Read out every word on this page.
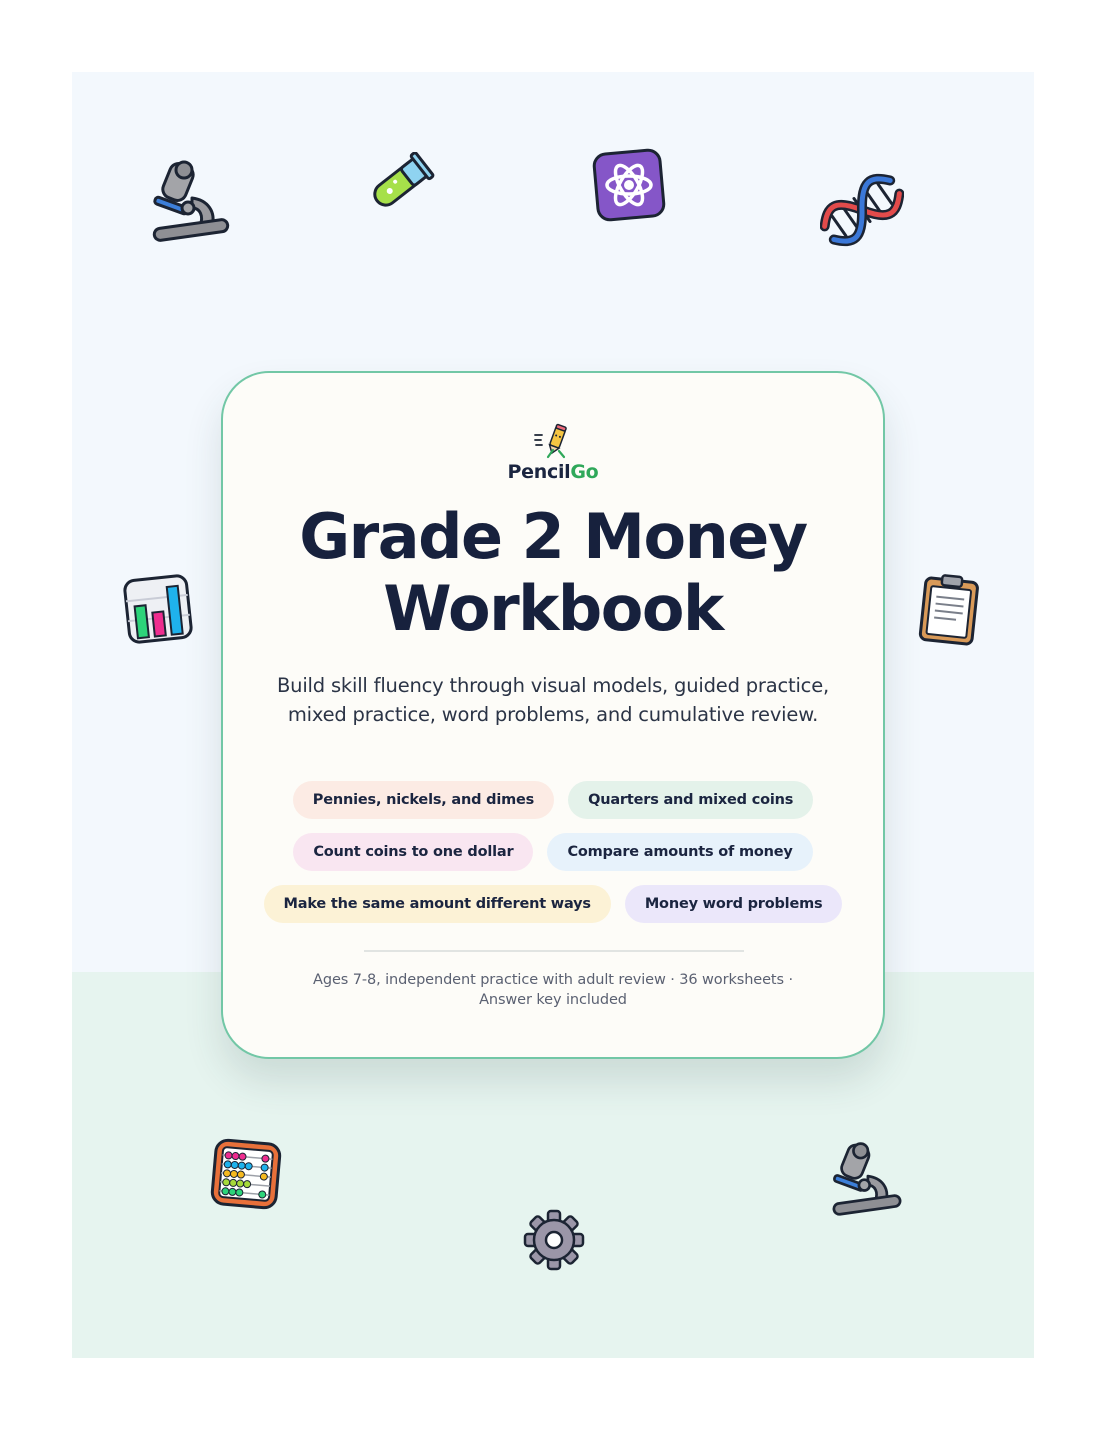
PencilGo
Grade 2 Money
Workbook

Build skill fluency through visual models, guided practice, mixed practice, word problems, and cumulative review.

Pennies, nickels, and dimes	Quarters and mixed coins
Count coins to one dollar	Compare amounts of money
Make the same amount different ways	Money word problems

Ages 7-8, independent practice with adult review · 36 worksheets ·
Answer key included
